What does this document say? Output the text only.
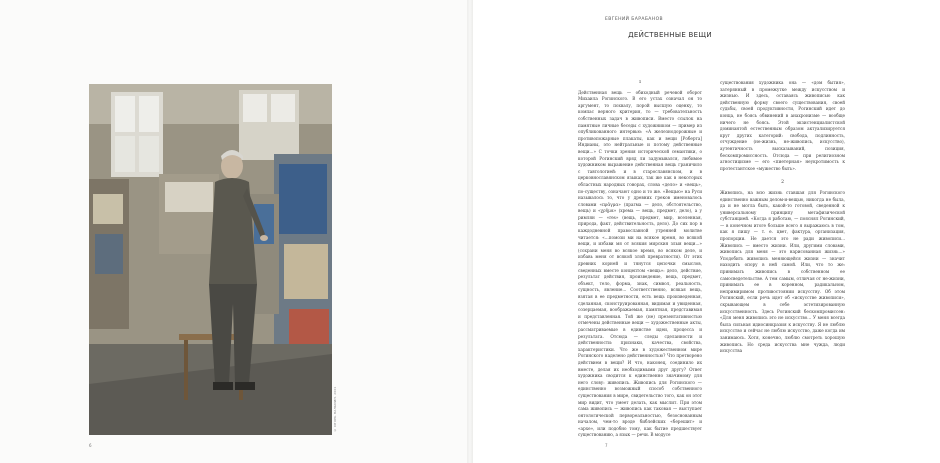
© ИГОРЬ ПАЛЬМИН, 2001
6
ЕВГЕНИЙ БАРАБАНОВ
ДЕЙСТВЕННЫЕ ВЕЩИ
1

Действенная вещь — обиходный речевой оборот Михаила Рогинского. В его устах означал он то аргумент, то похвалу, порой высшую оценку, то компас верного критерия, то — требовательность собственных задач в живописи. Вместо ссылок на памятные личные беседы с художником — пример из опубликованного интервью: «А железнодорожные и противопожарные плакаты, как и вещи [Роберта] Индианы, это нейтральные и потому действенные вещи...» С точки зрения исторической семантики, о которой Рогинский вряд ли задумывался, любимое художником выражение действенная вещь граничило с тавтологией: и в старославянском, и в церковнославянском языках, так же как в некоторых областных народных говорах, слова «дело» и «вещь», по-существу, означают одно и то же. «Вещью» на Руси называлось то, что у древних греков именовалось словами «πρᾶγμα» (прагма — дело, обстоятельство, вещь) и «χρῆμα» (хрема — вещь, предмет, дело), а у римлян — «res» (вещь, предмет, мир, вселенная, природа, факт, действительность, дело). До сих пор в каждодневной православной утренней молитве читается: «...помози ми на всякое время, во всякой вещи, и избави мя от всякия мирския злыя вещи...» (сохрани меня во всякое время, во всяком деле, и избавь меня от всякой злой превратности). От этих древних корней и тянутся цепочки смыслов, сведенных вместе концептом «вещь»: дело, действие, результат действия, произведение, вещь, предмет, объект, тело, форма, знак, символ, реальность, сущность, явление... Соответственно, всякая вещь, взятая в ее предметности, есть вещь произведенная, сделанная, сконструированная, видимая и увиденная, созерцаемая, воображаемая, памятная, представимая и представленная. Той же (не) презентативностью отмечены действенные вещи — художественные акты, рассматриваемые в единстве идеи, процесса и результата. Отсюда — следы сделанности и действенности: признаки, качества, свойства, характеристики. Что же в художественном мире Рогинского наделено действенностью? Что претворено действием в вещи? И что, наконец, соединило их вместе, делая их необходимыми друг другу? Ответ художника сводится к единственно значимому для него слову: живопись. Живопись для Рогинского — единственно возможный способ собственного существования в мире, свидетельство того, как он этот мир видит, что умеет делать, как мыслит. При этом сама живопись — живопись как таковая — выступает онтологической первореальностью, безоснованным началом, чем-то вроде библейских «берешит» и «архе», или подобно тому, как бытие предшествует существованию, а язык — речи. В модусе

существования художника она — «дом бытия», затерянный в промежутке между искусством и жизнью. И здесь, оставаясь живописью как действенную форму своего существования, своей судьбы, своей продуктивности, Рогинский идет до конца, не боясь обвинений в анахронизме — вообще ничего не боясь. Этой экзистенциалистской доминантой естественным образом актуализируется круг других категорий: свобода, подлинность, отчуждение (не-жизнь, не-живопись, искусство), аутентичность высказываний, позиция, бескомпромиссность. Отсюда — при религиозном агностицизме — его «пиетерная» неукротимость к протестантское «мужество быть».

2

Живопись, на всю жизнь ставшая для Рогинского единственно важным делом-и-вещью, никогда не была, да и не могла быть, какой-то готовой, сведенной к универсальному принципу метафизической субстанцией. «Когда я работаю, — пояснял Рогинский, — в конечном итоге больше всего я выражаюсь в том, как я пишу — т. е. цвет, фактура, организация, пропорции. Не дается это не ради живописи... Живопись — вместо жизни. Или, другими словами, живопись для меня — это нарисованная жизнь...» Уподобить живопись меняющейся жизни — значит находить опору в ней самой. Или, что то же: принимать живопись в собственном ее самосведетельстве. А тем самым, отличая от не-жизни, принимать ее в коренном, радикальном, непримиримом противостоянии искусству. Об этом Рогинский, если речь идет об «искусстве живописи», скрывающем в себе эстетизированную искусственность. Здесь Рогинский бескомпромиссен: «Для меня живопись это не искусство... У меня всегда была сильная идиосинкразия к искусству. Я не люблю искусство и сейчас не люблю искусство, даже когда им занимаюсь. Хотя, конечно, люблю смотреть хорошую живопись. Но среда искусства мне чужда, люди искусства

7
